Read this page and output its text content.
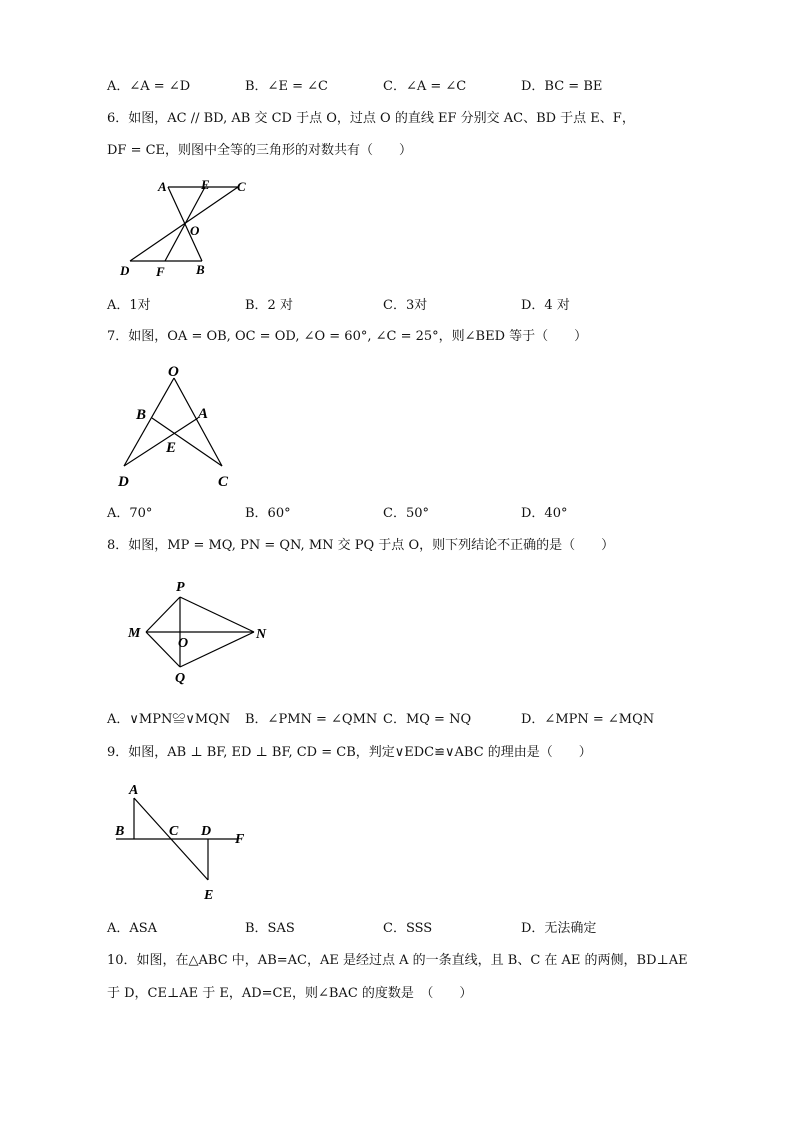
A．∠A = ∠D	B．∠E = ∠C	C．∠A = ∠C	D．BC = BE
6．如图，AC // BD, AB 交 CD 于点 O，过点 O 的直线 EF 分别交 AC、BD 于点 E、F，
DF = CE，则图中全等的三角形的对数共有（　　）
A	E C
O
D F B
A．1对	B．2 对	C．3对	D．4 对
7．如图，OA = OB, OC = OD, ∠O = 60°, ∠C = 25°，则∠BED 等于（　　）
O
B	A
E
D	C
A．70°	B．60°	C．50°	D．40°
8．如图，MP = MQ, PN = QN, MN 交 PQ 于点 O，则下列结论不正确的是（　　）
P
M
O
N
Q
A．∨MPN≌∨MQN B．∠PMN = ∠QMN C．MQ = NQ	D．∠MPN = ∠MQN
9．如图，AB ⊥ BF, ED ⊥ BF, CD = CB，判定∨EDC≌∨ABC 的理由是（　　）
A
B	C D
F
E
A．ASA	B．SAS	C．SSS	D．无法确定
10．如图，在△ABC 中，AB=AC，AE 是经过点 A 的一条直线，且 B、C 在 AE 的两侧，BD⊥AE
于 D，CE⊥AE 于 E，AD=CE，则∠BAC 的度数是　（　　）
